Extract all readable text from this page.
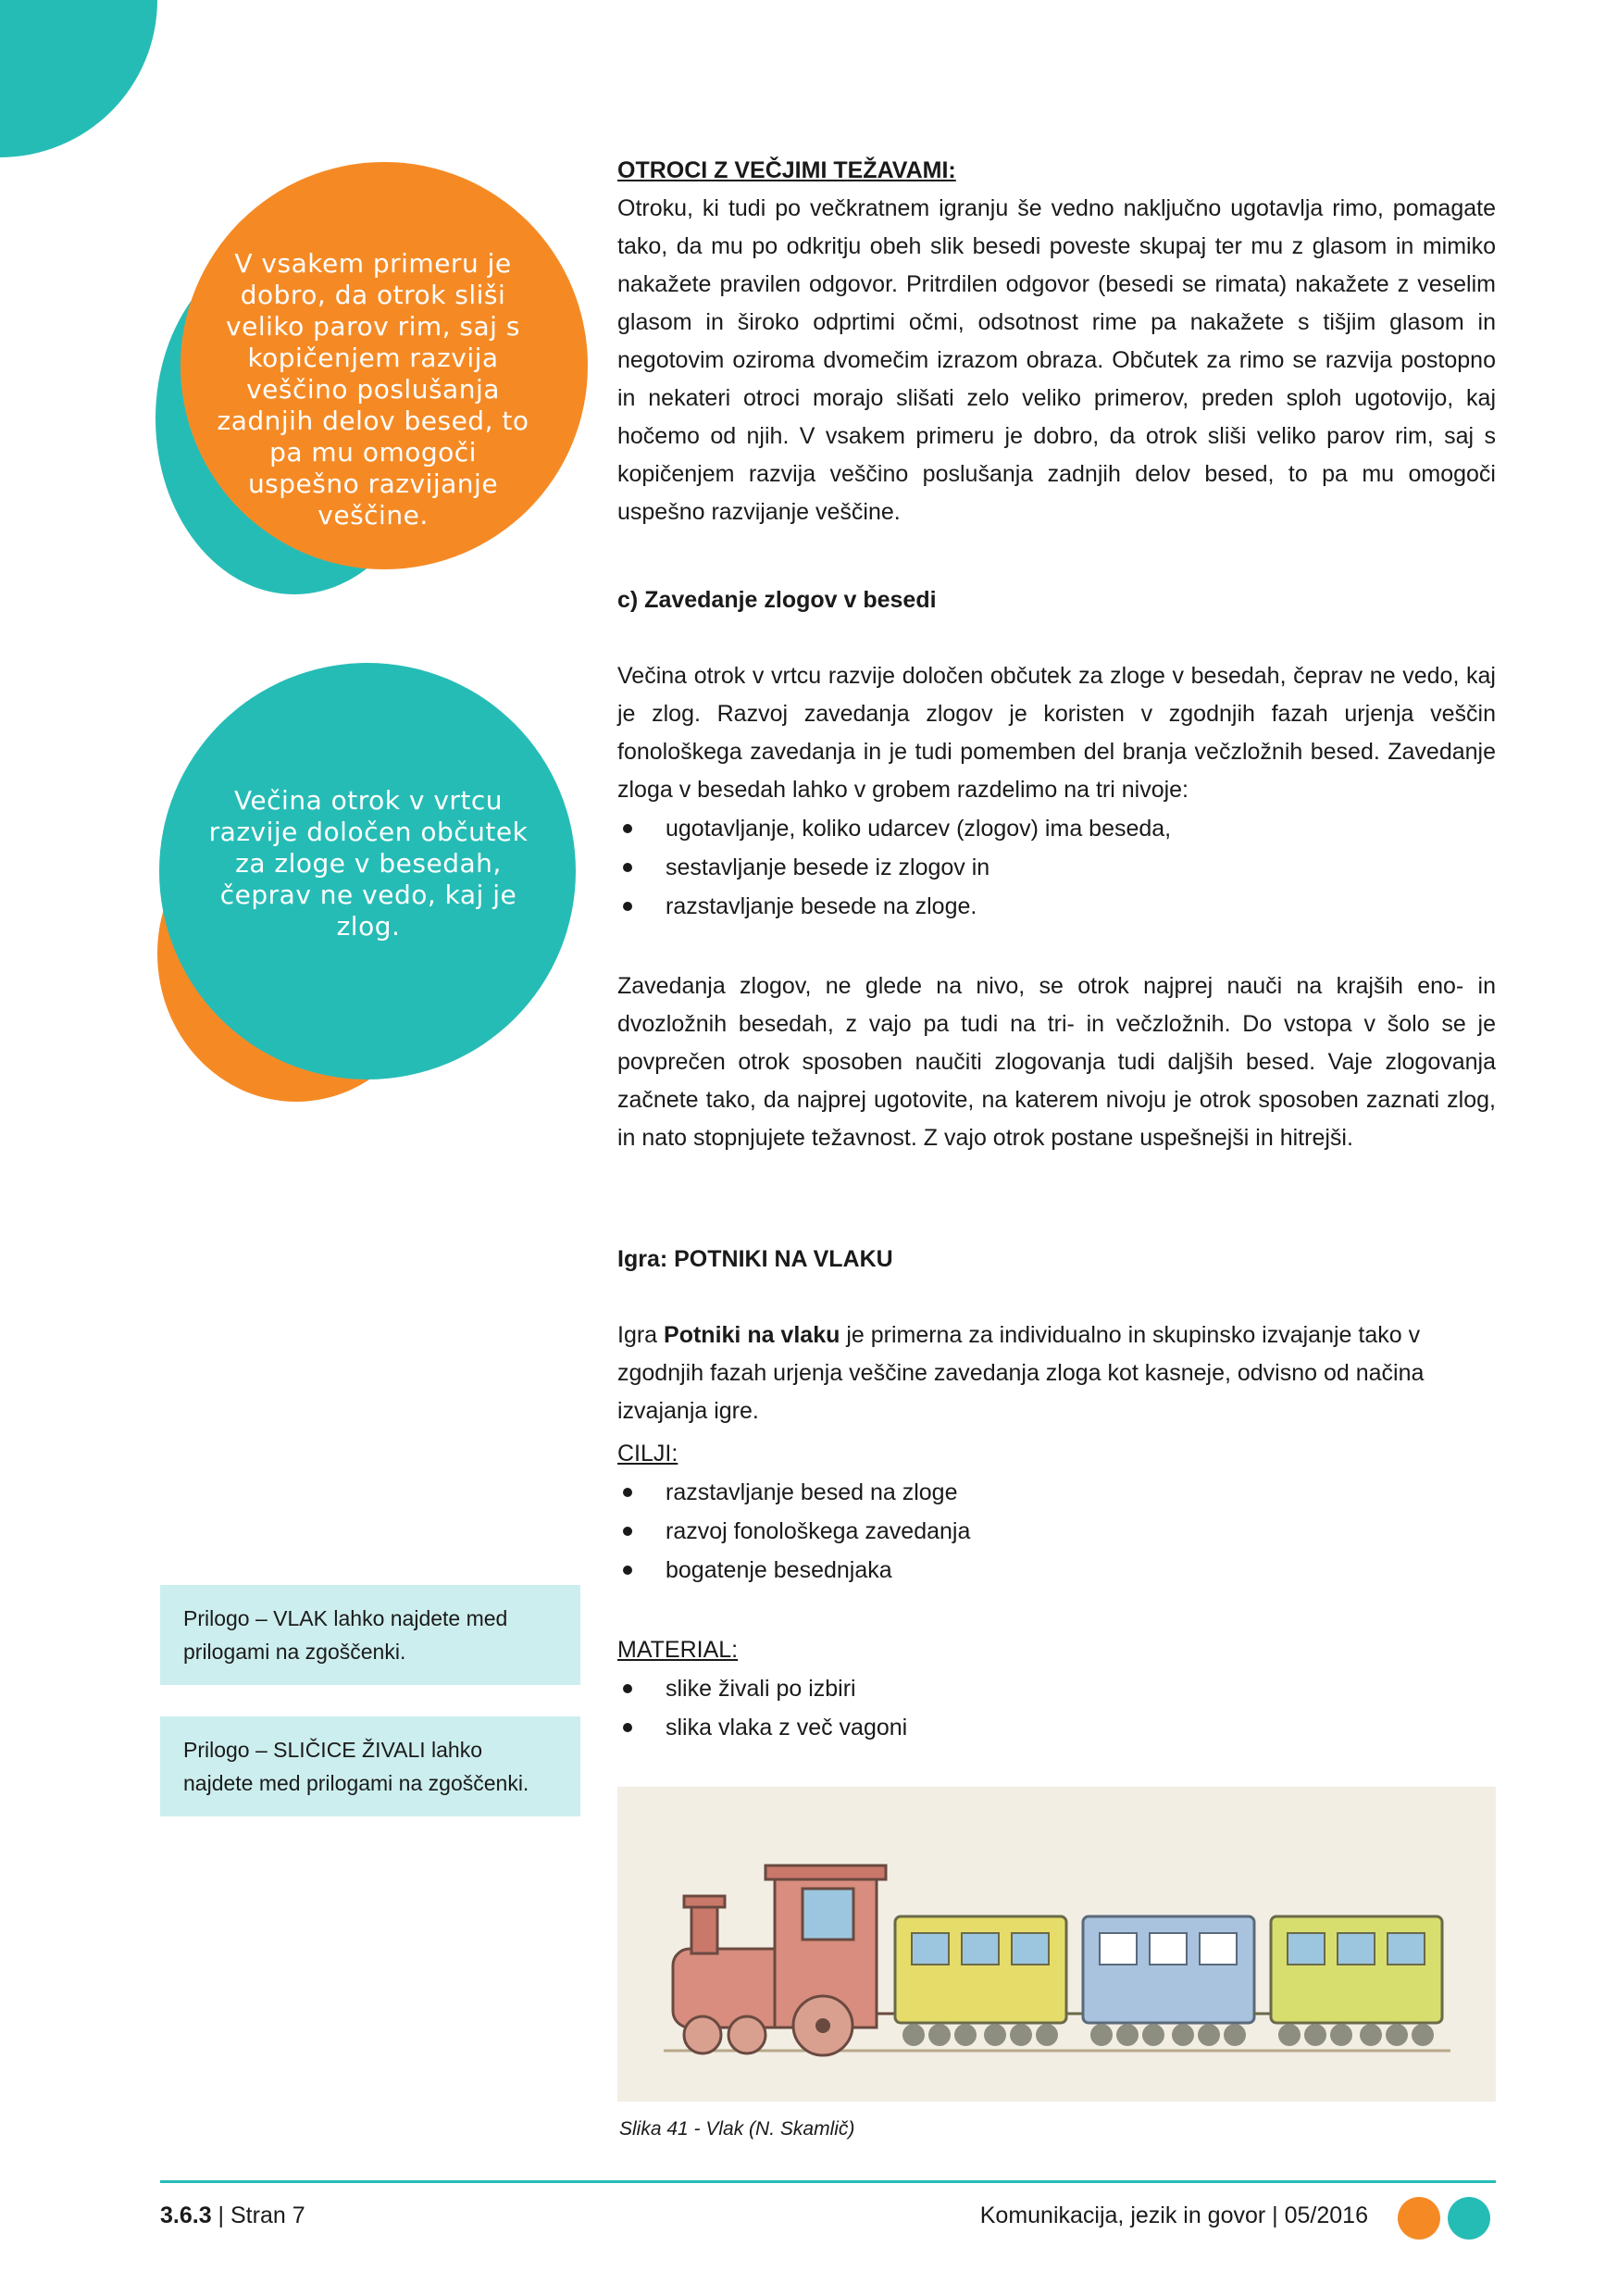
V vsakem primeru je dobro, da otrok sliši veliko parov rim, saj s kopičenjem razvija veščino poslušanja zadnjih delov besed, to pa mu omogoči uspešno razvijanje veščine.
Večina otrok v vrtcu razvije določen občutek za zloge v besedah, čeprav ne vedo, kaj je zlog.

OTROCI Z VEČJIMI TEŽAVAMI:

Otroku, ki tudi po večkratnem igranju še vedno naključno ugotavlja rimo, pomagate tako, da mu po odkritju obeh slik besedi poveste skupaj ter mu z glasom in mimiko nakažete pravilen odgovor. Pritrdilen odgovor (besedi se rimata) nakažete z veselim glasom in široko odprtimi očmi, odsotnost rime pa nakažete s tišjim glasom in negotovim oziroma dvomečim izrazom obraza. Občutek za rimo se razvija postopno in nekateri otroci morajo slišati zelo veliko primerov, preden sploh ugotovijo, kaj hočemo od njih. V vsakem primeru je dobro, da otrok sliši veliko parov rim, saj s kopičenjem razvija veščino poslušanja zadnjih delov besed, to pa mu omogoči uspešno razvijanje veščine.

c) Zavedanje zlogov v besedi

Večina otrok v vrtcu razvije določen občutek za zloge v besedah, čeprav ne vedo, kaj je zlog. Razvoj zavedanja zlogov je koristen v zgodnjih fazah urjenja veščin fonološkega zavedanja in je tudi pomemben del branja večzložnih besed. Zavedanje zloga v besedah lahko v grobem razdelimo na tri nivoje:

ugotavljanje, koliko udarcev (zlogov) ima beseda,
sestavljanje besede iz zlogov in
razstavljanje besede na zloge.

Zavedanja zlogov, ne glede na nivo, se otrok najprej nauči na krajših eno- in dvozložnih besedah, z vajo pa tudi na tri- in večzložnih. Do vstopa v šolo se je povprečen otrok sposoben naučiti zlogovanja tudi daljših besed. Vaje zlogovanja začnete tako, da najprej ugotovite, na katerem nivoju je otrok sposoben zaznati zlog, in nato stopnjujete težavnost. Z vajo otrok postane uspešnejši in hitrejši.

Igra: POTNIKI NA VLAKU

Igra Potniki na vlaku je primerna za individualno in skupinsko izvajanje tako v zgodnjih fazah urjenja veščine zavedanja zloga kot kasneje, odvisno od načina izvajanja igre.

CILJI:

razstavljanje besed na zloge
razvoj fonološkega zavedanja
bogatenje besednjaka

MATERIAL:

slike živali po izbiri
slika vlaka z več vagoni
Prilogo – VLAK lahko najdete med prilogami na zgoščenki.
Prilogo – SLIČICE ŽIVALI lahko najdete med prilogami na zgoščenki.
Slika 41 - Vlak (N. Skamlič)
3.6.3 | Stran 7	Komunikacija, jezik in govor | 05/2016
